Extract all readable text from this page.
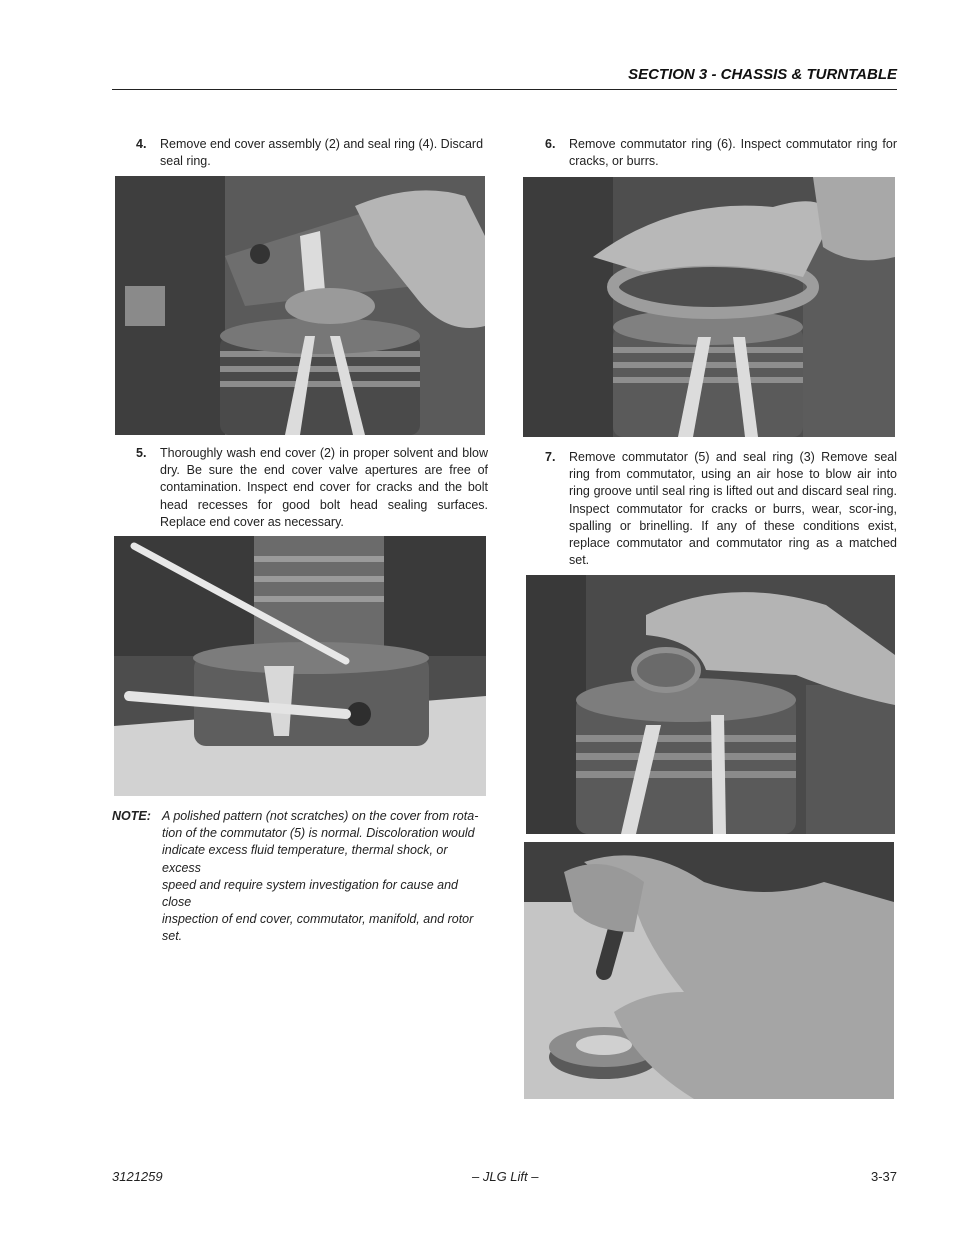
SECTION 3 - CHASSIS & TURNTABLE
4.	Remove end cover assembly (2) and seal ring (4). Discard
seal ring.
5.	Thoroughly wash end cover (2) in proper solvent and blow dry. Be sure the end cover valve apertures are free of contamination. Inspect end cover for cracks and the bolt head recesses for good bolt head sealing surfaces. Replace end cover as necessary.
NOTE: A polished pattern (not scratches) on the cover from rota-
tion of the commutator (5) is normal. Discoloration would
indicate excess fluid temperature, thermal shock, or excess
speed and require system investigation for cause and close
inspection of end cover, commutator, manifold, and rotor
set.
6.	Remove commutator ring (6). Inspect commutator ring for cracks, or burrs.
7.	Remove commutator (5) and seal ring (3) Remove seal ring from commutator, using an air hose to blow air into ring groove until seal ring is lifted out and discard seal ring. Inspect commutator for cracks or burrs, wear, scor-ing, spalling or brinelling. If any of these conditions exist, replace commutator and commutator ring as a matched set.
3121259	– JLG Lift –	3-37
